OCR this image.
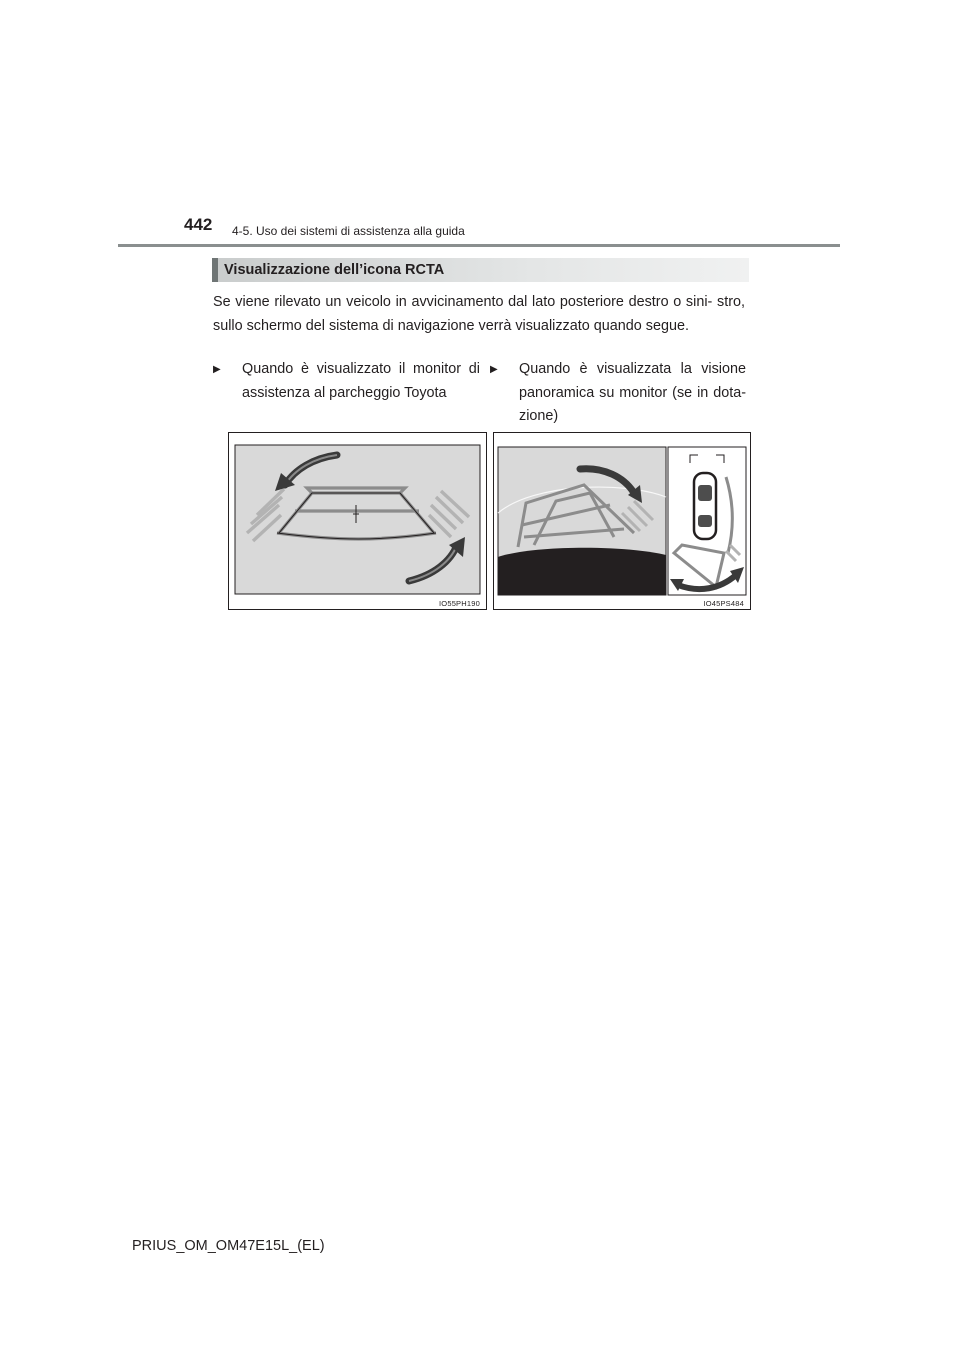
442 4-5. Uso dei sistemi di assistenza alla guida
Visualizzazione dell’icona RCTA
Se viene rilevato un veicolo in avvicinamento dal lato posteriore destro o sini- stro, sullo schermo del sistema di navigazione verrà visualizzato quando segue.
▶	Quando è visualizzato il monitor di assistenza al parcheggio Toyota
▶	Quando è visualizzata la visione panoramica su monitor (se in dota- zione)
IO55PH190	IO45PS484
PRIUS_OM_OM47E15L_(EL)
